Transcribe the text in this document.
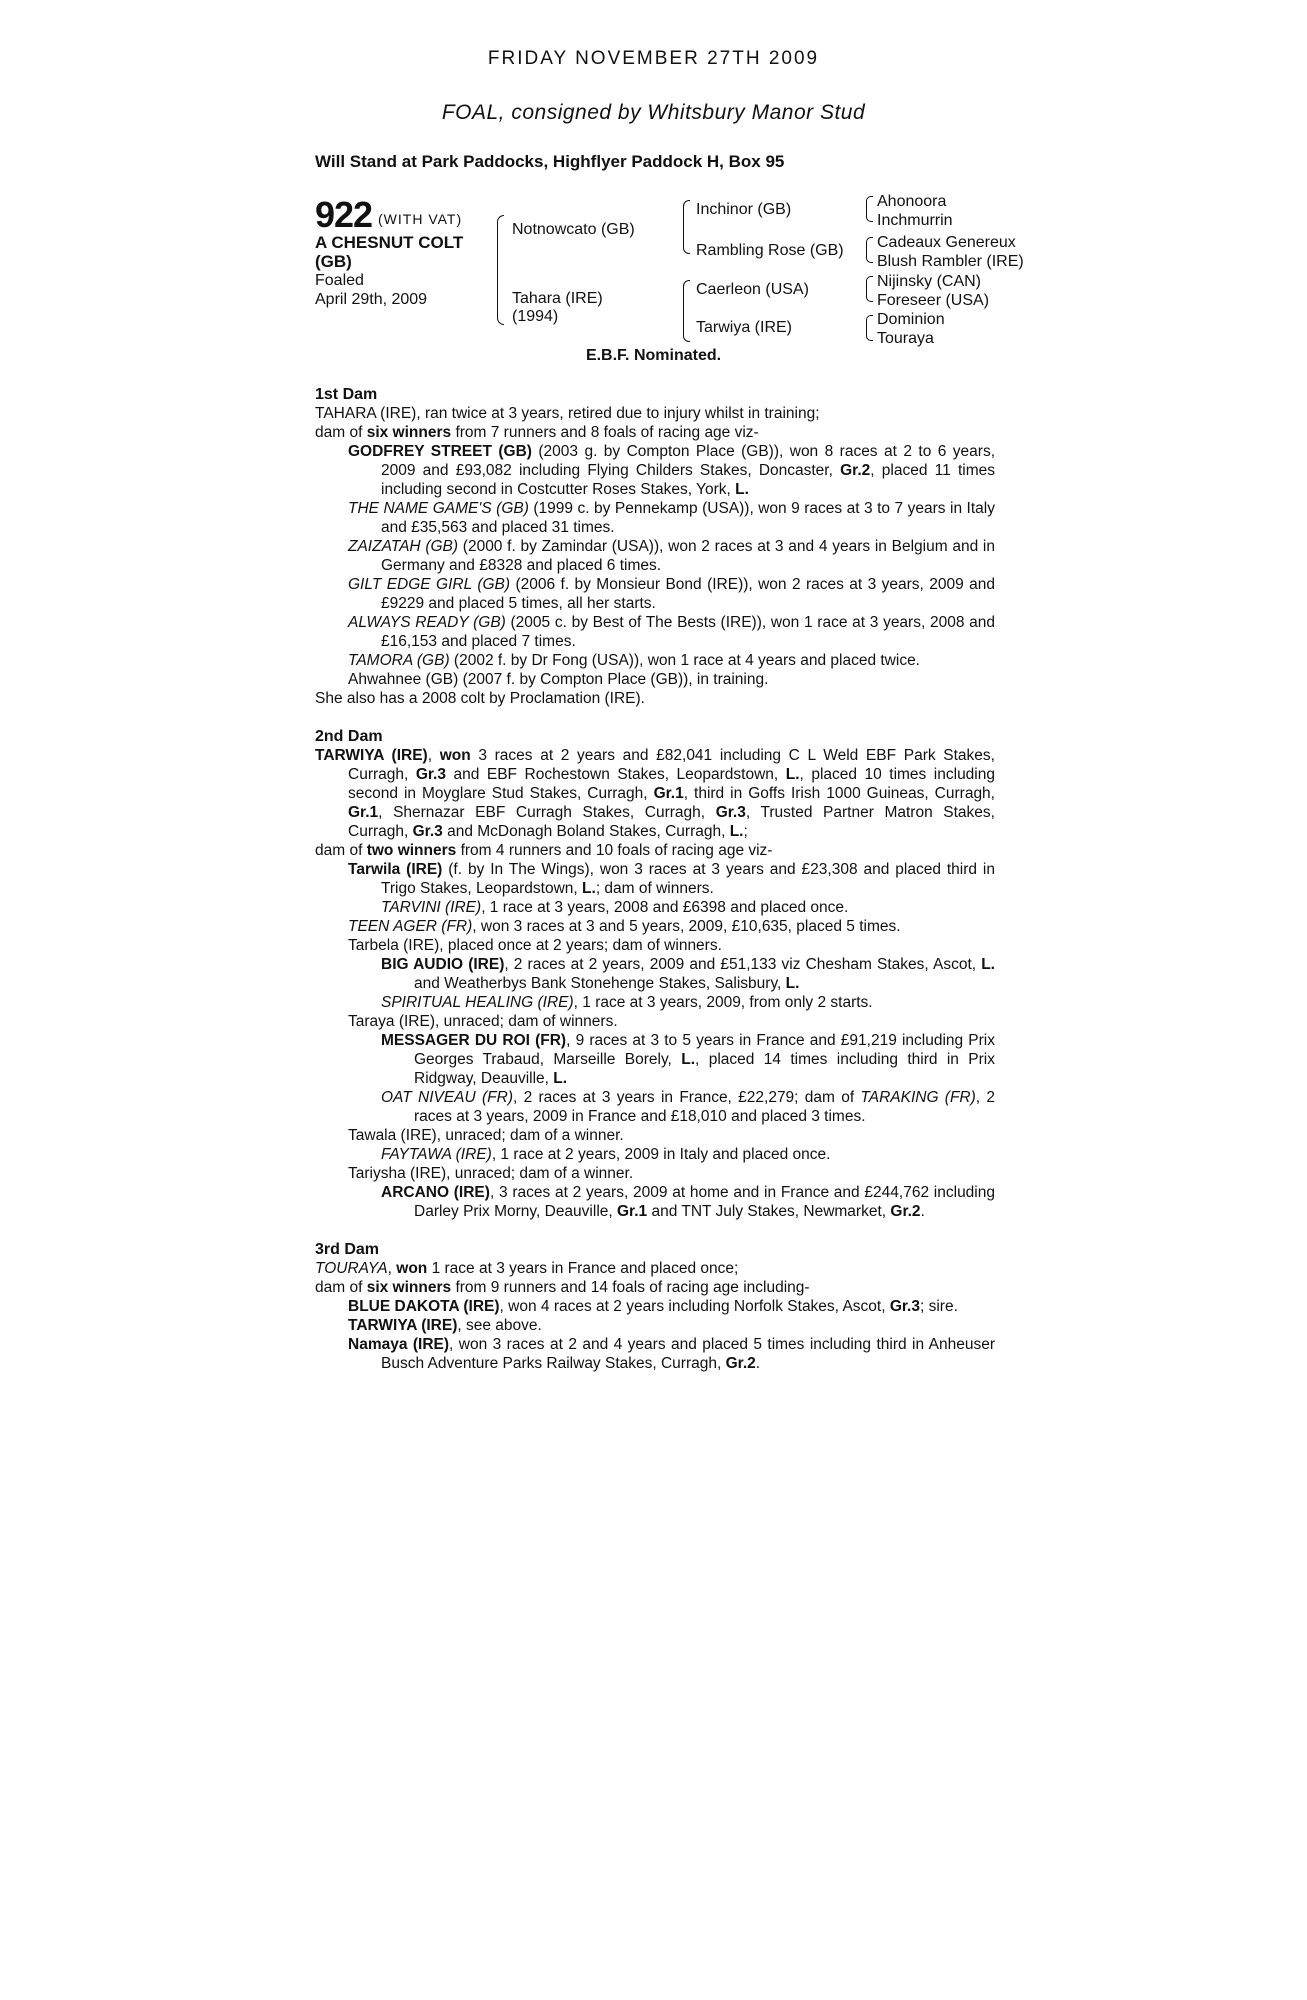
FRIDAY NOVEMBER 27TH 2009
FOAL, consigned by Whitsbury Manor Stud
Will Stand at Park Paddocks, Highflyer Paddock H, Box 95
922 (WITH VAT)
A CHESNUT COLT
(GB)
Foaled
April 29th, 2009
Notnowcato (GB)
Tahara (IRE)
(1994)
Inchinor (GB)
Rambling Rose (GB)
Caerleon (USA)
Tarwiya (IRE)
Ahonoora
Inchmurrin
Cadeaux Genereux
Blush Rambler (IRE)
Nijinsky (CAN)
Foreseer (USA)
Dominion
Touraya
E.B.F. Nominated.

1st Dam

TAHARA (IRE), ran twice at 3 years, retired due to injury whilst in training;

dam of six winners from 7 runners and 8 foals of racing age viz-

GODFREY STREET (GB) (2003 g. by Compton Place (GB)), won 8 races at 2 to 6 years, 2009 and £93,082 including Flying Childers Stakes, Doncaster, Gr.2, placed 11 times including second in Costcutter Roses Stakes, York, L.

THE NAME GAME'S (GB) (1999 c. by Pennekamp (USA)), won 9 races at 3 to 7 years in Italy and £35,563 and placed 31 times.

ZAIZATAH (GB) (2000 f. by Zamindar (USA)), won 2 races at 3 and 4 years in Belgium and in Germany and £8328 and placed 6 times.

GILT EDGE GIRL (GB) (2006 f. by Monsieur Bond (IRE)), won 2 races at 3 years, 2009 and £9229 and placed 5 times, all her starts.

ALWAYS READY (GB) (2005 c. by Best of The Bests (IRE)), won 1 race at 3 years, 2008 and £16,153 and placed 7 times.

TAMORA (GB) (2002 f. by Dr Fong (USA)), won 1 race at 4 years and placed twice.

Ahwahnee (GB) (2007 f. by Compton Place (GB)), in training.

She also has a 2008 colt by Proclamation (IRE).

2nd Dam

TARWIYA (IRE), won 3 races at 2 years and £82,041 including C L Weld EBF Park Stakes, Curragh, Gr.3 and EBF Rochestown Stakes, Leopardstown, L., placed 10 times including second in Moyglare Stud Stakes, Curragh, Gr.1, third in Goffs Irish 1000 Guineas, Curragh, Gr.1, Shernazar EBF Curragh Stakes, Curragh, Gr.3, Trusted Partner Matron Stakes, Curragh, Gr.3 and McDonagh Boland Stakes, Curragh, L.;

dam of two winners from 4 runners and 10 foals of racing age viz-

Tarwila (IRE) (f. by In The Wings), won 3 races at 3 years and £23,308 and placed third in Trigo Stakes, Leopardstown, L.; dam of winners.

TARVINI (IRE), 1 race at 3 years, 2008 and £6398 and placed once.

TEEN AGER (FR), won 3 races at 3 and 5 years, 2009, £10,635, placed 5 times.

Tarbela (IRE), placed once at 2 years; dam of winners.

BIG AUDIO (IRE), 2 races at 2 years, 2009 and £51,133 viz Chesham Stakes, Ascot, L. and Weatherbys Bank Stonehenge Stakes, Salisbury, L.

SPIRITUAL HEALING (IRE), 1 race at 3 years, 2009, from only 2 starts.

Taraya (IRE), unraced; dam of winners.

MESSAGER DU ROI (FR), 9 races at 3 to 5 years in France and £91,219 including Prix Georges Trabaud, Marseille Borely, L., placed 14 times including third in Prix Ridgway, Deauville, L.

OAT NIVEAU (FR), 2 races at 3 years in France, £22,279; dam of TARAKING (FR), 2 races at 3 years, 2009 in France and £18,010 and placed 3 times.

Tawala (IRE), unraced; dam of a winner.

FAYTAWA (IRE), 1 race at 2 years, 2009 in Italy and placed once.

Tariysha (IRE), unraced; dam of a winner.

ARCANO (IRE), 3 races at 2 years, 2009 at home and in France and £244,762 including Darley Prix Morny, Deauville, Gr.1 and TNT July Stakes, Newmarket, Gr.2.

3rd Dam

TOURAYA, won 1 race at 3 years in France and placed once;

dam of six winners from 9 runners and 14 foals of racing age including-

BLUE DAKOTA (IRE), won 4 races at 2 years including Norfolk Stakes, Ascot, Gr.3; sire.

TARWIYA (IRE), see above.

Namaya (IRE), won 3 races at 2 and 4 years and placed 5 times including third in Anheuser Busch Adventure Parks Railway Stakes, Curragh, Gr.2.
